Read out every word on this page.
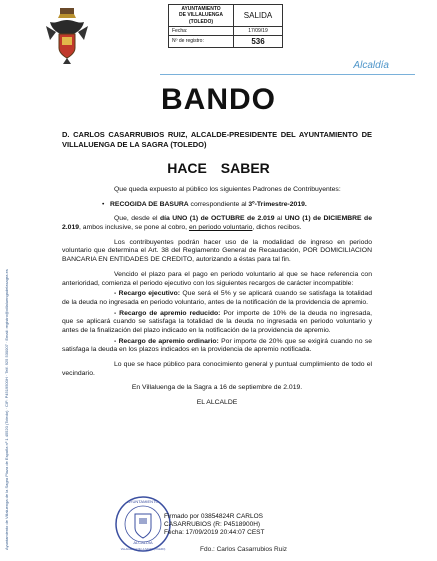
AYUNTAMIENTO
DE VILLALUENGA
(TOLEDO)	SALIDA
Fecha:	17/09/19
Nº de registro:	536
Alcaldía
Ayuntamiento de Villaluenga de la Sagra Plaza de España nº 1 45520 (Toledo) · CIF: P4519500H · Telf. 925 530007 · Email: registro@villaluengadelasagra.es
BANDO
D. CARLOS CASARRUBIOS RUIZ, ALCALDE-PRESIDENTE DEL AYUNTAMIENTO DE VILLALUENGA DE LA SAGRA (TOLEDO)
HACE SABER

Que queda expuesto al público los siguientes Padrones de Contribuyentes:

• RECOGIDA DE BASURA correspondiente al 3º-Trimestre-2019.

Que, desde el día UNO (1) de OCTUBRE de 2.019 al UNO (1) de DICIEMBRE de 2.019, ambos inclusive, se pone al cobro, en periodo voluntario, dichos recibos.

Los contribuyentes podrán hacer uso de la modalidad de ingreso en periodo voluntario que determina el Art. 38 del Reglamento General de Recaudación, POR DOMICILIACION BANCARIA EN ENTIDADES DE CREDITO, autorizando a éstas para tal fin.

Vencido el plazo para el pago en periodo voluntario al que se hace referencia con anterioridad, comienza el periodo ejecutivo con los siguientes recargos de carácter incompatible:

- Recargo ejecutivo: Que será el 5% y se aplicará cuando se satisfaga la totalidad de la deuda no ingresada en periodo voluntario, antes de la notificación de la providencia de apremio.

- Recargo de apremio reducido: Por importe de 10% de la deuda no ingresada, que se aplicará cuando se satisfaga la totalidad de la deuda no ingresada en periodo voluntario y antes de la finalización del plazo indicado en la notificación de la providencia de apremio.

- Recargo de apremio ordinario: Por importe de 20% que se exigirá cuando no se satisfaga la deuda en los plazos indicados en la providencia de apremio notificada.

Lo que se hace público para conocimiento general y puntual cumplimiento de todo el vecindario.

En Villaluenga de la Sagra a 16 de septiembre de 2.019.

EL ALCALDE

AYUNTAMIENTO
ALCALDIA
VILLALUENGA DE LA SAGRA (TOLEDO)
Firmado por 03854824R CARLOS
CASARRUBIOS (R: P4518900H)
Fecha: 17/09/2019 20:44:07 CEST
Fdo.: Carlos Casarrubios Ruiz
